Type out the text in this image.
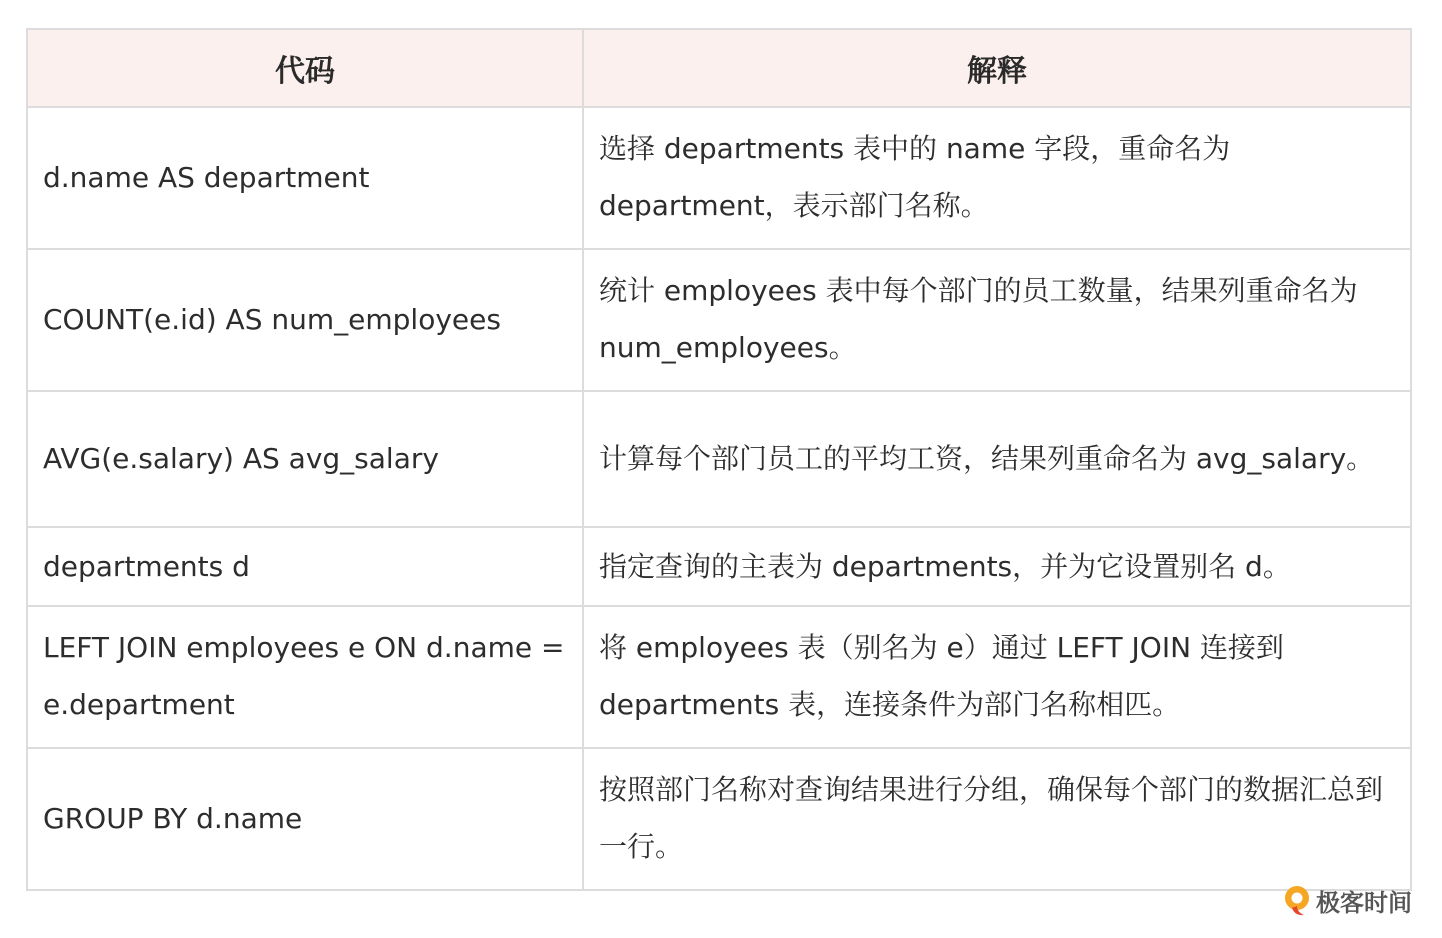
代码	解释
d.name AS department	选择 departments 表中的 name 字段，重命名为 department，表示部门名称。
COUNT(e.id) AS num_employees	统计 employees 表中每个部门的员工数量，结果列重命名为 num_employees。
AVG(e.salary) AS avg_salary	计算每个部门员工的平均工资，结果列重命名为 avg_salary。
departments d	指定查询的主表为 departments，并为它设置别名 d。
LEFT JOIN employees e ON d.name = e.department	将 employees 表（别名为 e）通过 LEFT JOIN 连接到 departments 表，连接条件为部门名称相匹。
GROUP BY d.name	按照部门名称对查询结果进行分组，确保每个部门的数据汇总到一行。
极客时间
